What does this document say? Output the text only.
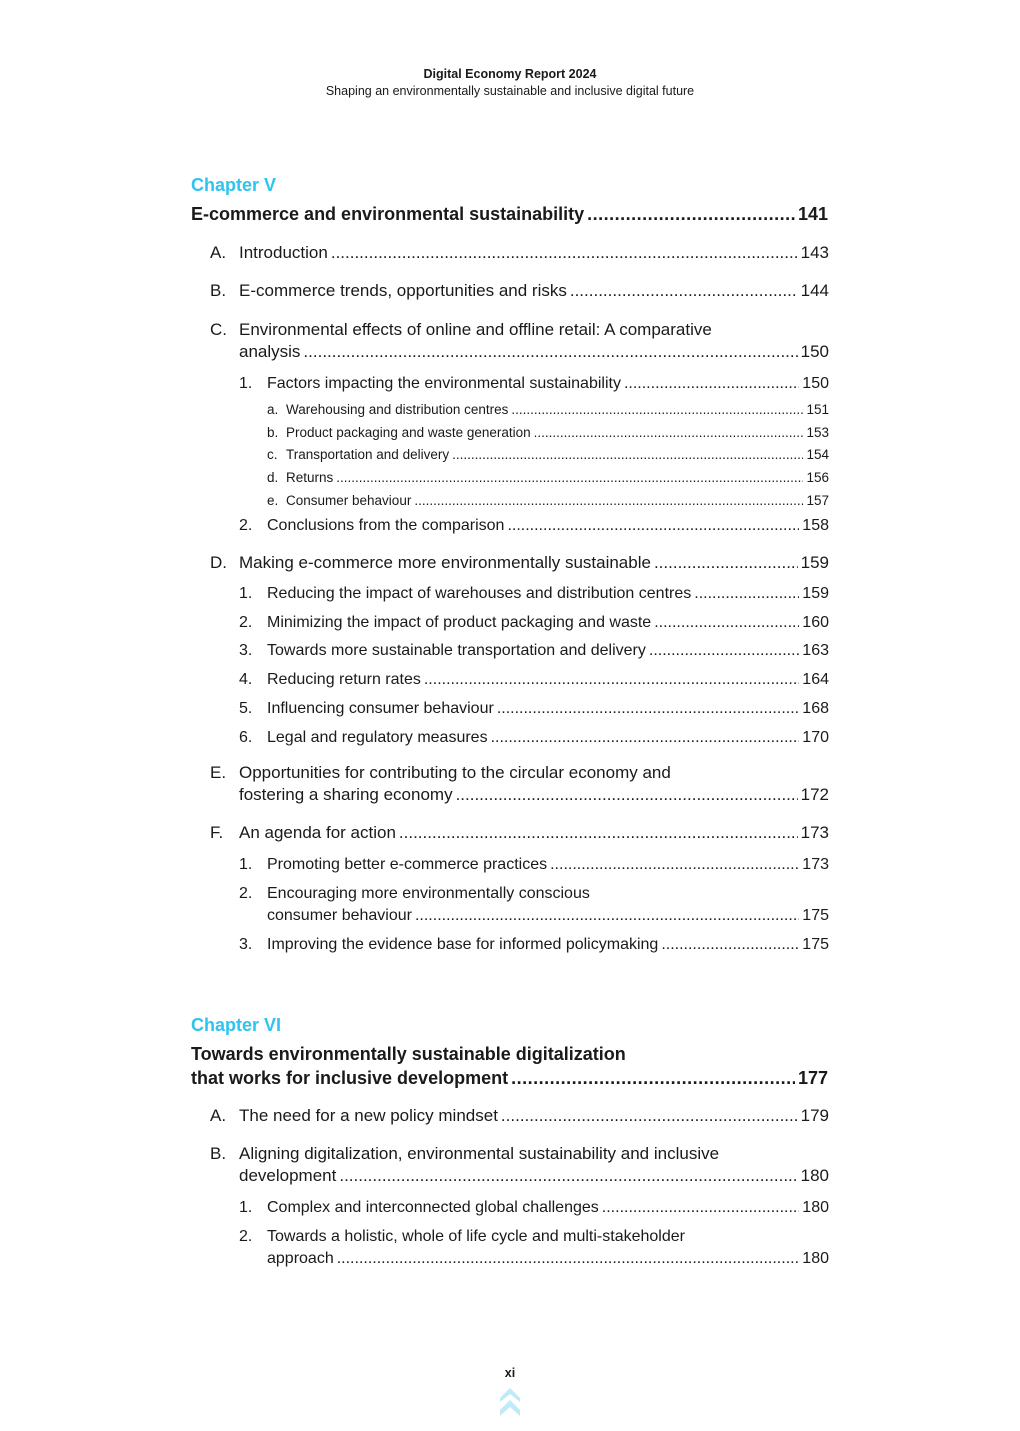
Digital Economy Report 2024
Shaping an environmentally sustainable and inclusive digital future
Chapter V
E-commerce and environmental sustainability .....	141
A. Introduction .....	143
B. E-commerce trends, opportunities and risks .....	144
C. Environmental effects of online and offline retail: A comparative
analysis .....	150
1. Factors impacting the environmental sustainability .....	150
a. Warehousing and distribution centres .....	151
b. Product packaging and waste generation .....	153
c. Transportation and delivery .....	154
d. Returns .....	156
e. Consumer behaviour .....	157
2. Conclusions from the comparison .....	158
D. Making e-commerce more environmentally sustainable .....	159
1. Reducing the impact of warehouses and distribution centres .....	159
2. Minimizing the impact of product packaging and waste .....	160
3. Towards more sustainable transportation and delivery .....	163
4. Reducing return rates .....	164
5. Influencing consumer behaviour .....	168
6. Legal and regulatory measures .....	170
E. Opportunities for contributing to the circular economy and
fostering a sharing economy .....	172
F. An agenda for action .....	173
1. Promoting better e-commerce practices .....	173
2. Encouraging more environmentally conscious
consumer behaviour .....	175
3. Improving the evidence base for informed policymaking .....	175
Chapter VI
Towards environmentally sustainable digitalization
that works for inclusive development .....	177
A. The need for a new policy mindset .....	179
B. Aligning digitalization, environmental sustainability and inclusive
development .....	180
1. Complex and interconnected global challenges .....	180
2. Towards a holistic, whole of life cycle and multi-stakeholder
approach .....	180
xi
